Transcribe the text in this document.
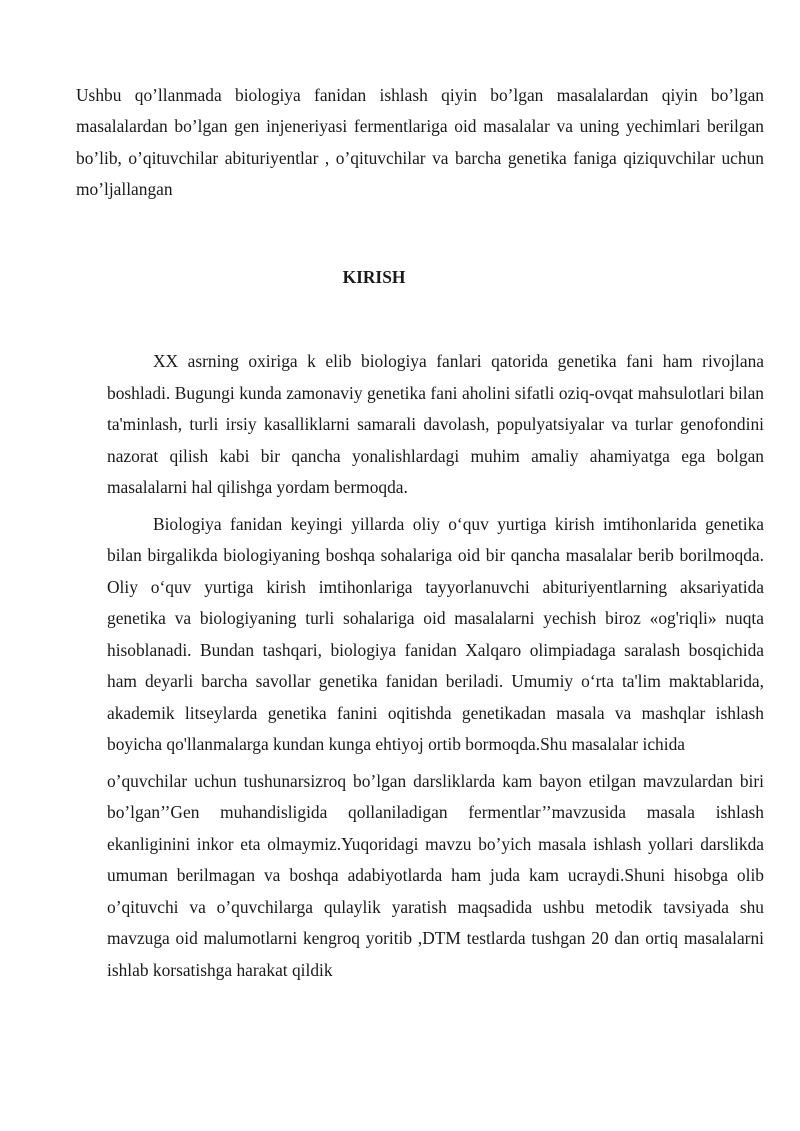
Ushbu qo’llanmada biologiya fanidan ishlash qiyin bo’lgan masalalardan qiyin bo’lgan masalalardan bo’lgan gen injeneriyasi fermentlariga oid masalalar va uning yechimlari berilgan bo’lib, o’qituvchilar abituriyentlar , o’qituvchilar va barcha genetika faniga qiziquvchilar uchun mo’ljallangan

KIRISH

XX asrning oxiriga k elib biologiya fanlari qatorida genetika fani ham rivojlana boshladi. Bugungi kunda zamonaviy genetika fani aholini sifatli oziq-ovqat mahsulotlari bilan ta'minlash, turli irsiy kasalliklarni samarali davolash, populyatsiyalar va turlar genofondini nazorat qilish kabi bir qancha yonalishlardagi muhim amaliy ahamiyatga ega bolgan masalalarni hal qilishga yordam bermoqda.

Biologiya fanidan keyingi yillarda oliy o‘quv yurtiga kirish imtihonlarida genetika bilan birgalikda biologiyaning boshqa sohalariga oid bir qancha masalalar berib borilmoqda. Oliy o‘quv yurtiga kirish imtihonlariga tayyorlanuvchi abituriyentlarning aksariyatida genetika va biologiyaning turli sohalariga oid masalalarni yechish biroz «og'riqli» nuqta hisoblanadi. Bundan tashqari, biologiya fanidan Xalqaro olimpiadaga saralash bosqichida ham deyarli barcha savollar genetika fanidan beriladi. Umumiy o‘rta ta'lim maktablarida, akademik litseylarda genetika fanini oqitishda genetikadan masala va mashqlar ishlash boyicha qo'llanmalarga kundan kunga ehtiyoj ortib bormoqda.Shu masalalar ichida

o’quvchilar uchun tushunarsizroq bo’lgan darsliklarda kam bayon etilgan mavzulardan biri bo’lgan’’Gen muhandisligida qollaniladigan fermentlar’’mavzusida masala ishlash ekanliginini inkor eta olmaymiz.Yuqoridagi mavzu bo’yich masala ishlash yollari darslikda umuman berilmagan va boshqa adabiyotlarda ham juda kam ucraydi.Shuni hisobga olib o’qituvchi va o’quvchilarga qulaylik yaratish maqsadida ushbu metodik tavsiyada shu mavzuga oid malumotlarni kengroq yoritib ,DTM testlarda tushgan 20 dan ortiq masalalarni ishlab korsatishga harakat qildik
